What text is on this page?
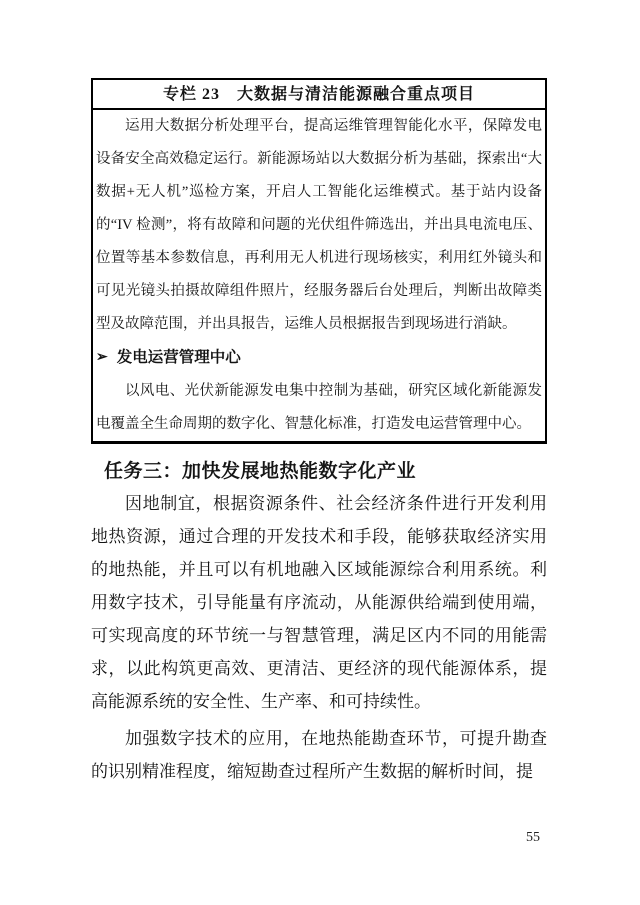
专栏 23　大数据与清洁能源融合重点项目

运用大数据分析处理平台，提高运维管理智能化水平，保障发电设备安全高效稳定运行。新能源场站以大数据分析为基础，探索出“大数据+无人机”巡检方案，开启人工智能化运维模式。基于站内设备的“IV 检测”，将有故障和问题的光伏组件筛选出，并出具电流电压、位置等基本参数信息，再利用无人机进行现场核实，利用红外镜头和可见光镜头拍摄故障组件照片，经服务器后台处理后，判断出故障类型及故障范围，并出具报告，运维人员根据报告到现场进行消缺。

➢ 发电运营管理中心

以风电、光伏新能源发电集中控制为基础，研究区域化新能源发电覆盖全生命周期的数字化、智慧化标准，打造发电运营管理中心。

任务三：加快发展地热能数字化产业

因地制宜，根据资源条件、社会经济条件进行开发利用地热资源，通过合理的开发技术和手段，能够获取经济实用的地热能，并且可以有机地融入区域能源综合利用系统。利用数字技术，引导能量有序流动，从能源供给端到使用端，可实现高度的环节统一与智慧管理，满足区内不同的用能需求，以此构筑更高效、更清洁、更经济的现代能源体系，提高能源系统的安全性、生产率、和可持续性。

加强数字技术的应用，在地热能勘查环节，可提升勘查的识别精准程度，缩短勘查过程所产生数据的解析时间，提

55
